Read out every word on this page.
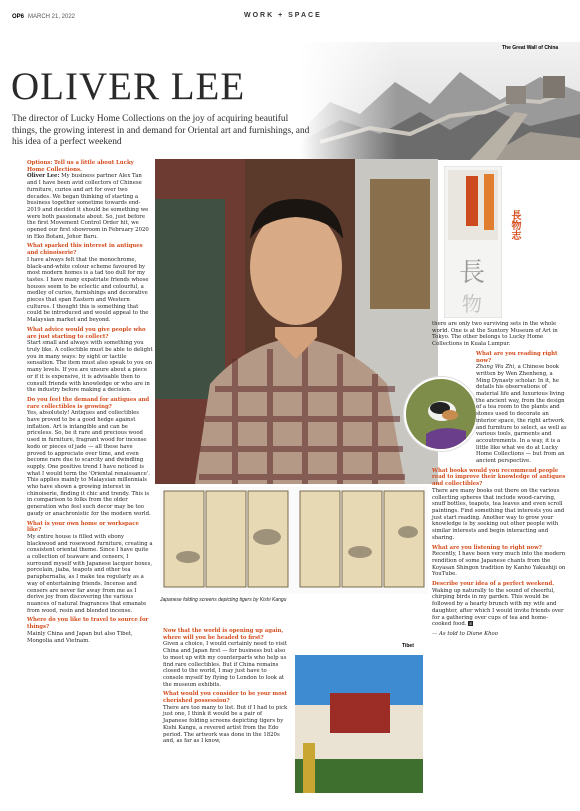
OP6 MARCH 21, 2022	WORK + SPACE
The Great Wall of China
OLIVER LEE
The director of Lucky Home Collections on the joy of acquiring beautiful things, the growing interest in and demand for Oriental art and furnishings, and his idea of a perfect weekend
長
物
長物志
Japanese folding screens depicting tigers by Kishi Kangu
Tibet

Options: Tell us a little about Lucky Home Collections.
Oliver Lee: My business partner Alex Tan and I have been avid collectors of Chinese furniture, curios and art for over two decades. We began thinking of starting a business together sometime towards end-2019 and decided it should be something we were both passionate about. So, just before the first Movement Control Order hit, we opened our first showroom in February 2020 in Eko Botani, Johor Baru.

What sparked this interest in antiques and chinoiserie?
I have always felt that the monochrome, black-and-white colour scheme favoured by most modern homes is a tad too dull for my tastes. I have many expatriate friends whose houses seem to be eclectic and colourful, a medley of curios, furnishings and decorative pieces that span Eastern and Western cultures. I thought this is something that could be introduced and would appeal to the Malaysian market and beyond.

What advice would you give people who are just starting to collect?
Start small and always with something you truly like. A collectible must be able to delight you in many ways: by sight or tactile sensation. The item must also speak to you on many levels. If you are unsure about a piece or if it is expensive, it is advisable then to consult friends with knowledge or who are in the industry before making a decision.

Do you feel the demand for antiques and rare collectibles is growing?
Yes, absolutely! Antiques and collectibles have proved to be a good hedge against inflation. Art is intangible and can be priceless. So, be it rare and precious wood used in furniture, fragrant wood for incense kodo or pieces of jade — all these have proved to appreciate over time, and even become rare due to scarcity and dwindling supply. One positive trend I have noticed is what I would term the 'Oriental renaissance'. This applies mainly to Malaysian millennials who have shown a growing interest in chinoiserie, finding it chic and trendy. This is in comparison to folks from the older generation who feel such decor may be too gaudy or anachronistic for the modern world.

What is your own home or workspace like?
My entire house is filled with ebony blackwood and rosewood furniture, creating a consistent oriental theme. Since I have quite a collection of teaware and censers, I surround myself with Japanese lacquer boxes, porcelain, jiaba, teapots and other tea paraphernalia, as I make tea regularly as a way of entertaining friends. Incense and censers are never far away from me as I derive joy from discovering the various nuances of natural fragrances that emanate from wood, resin and blended incense.

Where do you like to travel to source for things?
Mainly China and Japan but also Tibet, Mongolia and Vietnam.

Now that the world is opening up again, where will you be headed to first?
Given a choice, I would certainly need to visit China and Japan first — for business but also to meet up with my counterparts who help us find rare collectibles. But if China remains closed to the world, I may just have to console myself by flying to London to look at the museum exhibits.

What would you consider to be your most cherished possession?
There are too many to list. But if I had to pick just one, I think it would be a pair of Japanese folding screens depicting tigers by Kishi Kangu, a revered artist from the Edo period. The artwork was done in the 1820s and, as far as I know,

there are only two surviving sets in the whole world. One is at the Suntory Museum of Art in Tokyo. The other belongs to Lucky Home Collections in Kuala Lumpur.

What are you reading right now?
Zhang Wu Zhi, a Chinese book written by Wen Zhenheng, a Ming Dynasty scholar. In it, he details his observations of material life and luxurious living the ancient way, from the design of a tea room to the plants and stones used to decorate an interior space, the right artwork and furniture to select, as well as various tools, garments and accoutrements. In a way, it is a little like what we do at Lucky Home Collections — but from an ancient perspective.

What books would you recommend people read to improve their knowledge of antiques and collectibles?
There are many books out there on the various collecting spheres that include wood-carving, snuff bottles, teapots, tea leaves and even scroll paintings. Find something that interests you and just start reading. Another way to grow your knowledge is by seeking out other people with similar interests and begin interacting and sharing.

What are you listening to right now?
Recently, I have been very much into the modern rendition of some Japanese chants from the Koyasan Shingon tradition by Kanho Yakushiji on YouTube.

Describe your idea of a perfect weekend.
Waking up naturally to the sound of cheerful, chirping birds in my garden. This would be followed by a hearty brunch with my wife and daughter, after which I would invite friends over for a gathering over cups of tea and home-cooked food. E

— As told to Diane Khoo
